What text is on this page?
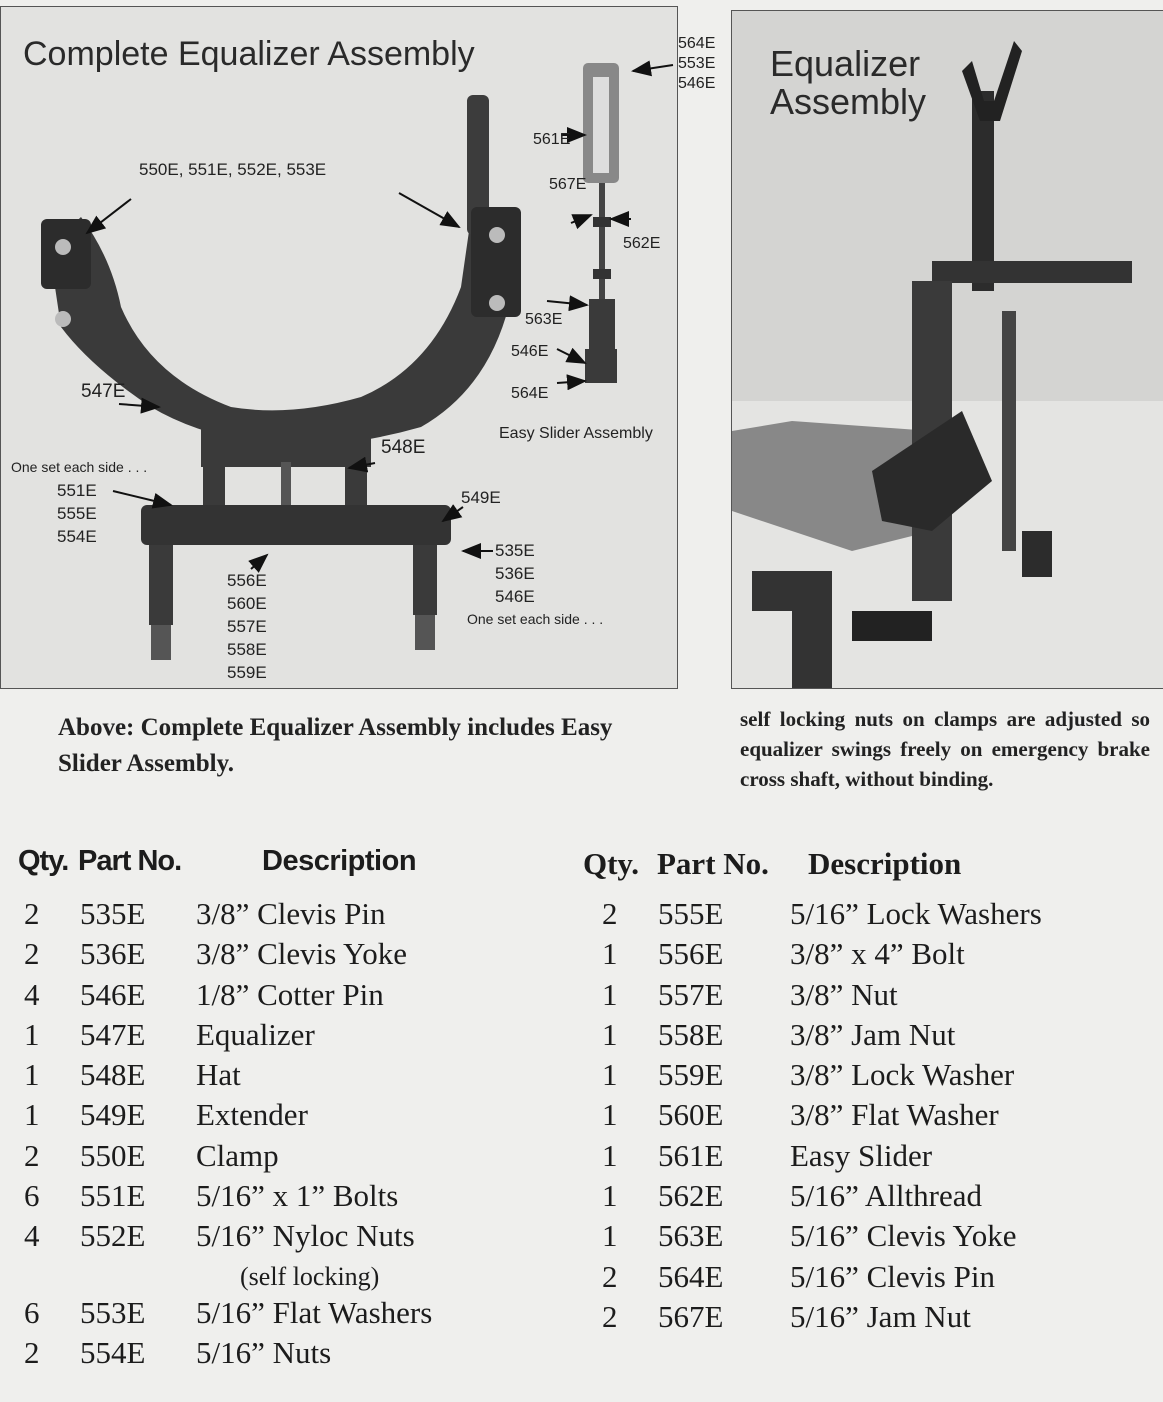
Complete Equalizer Assembly
550E, 551E, 552E, 553E
547E
548E
549E
One set each side . . .
551E
555E
554E
556E
560E
557E
558E
559E
535E
536E
546E
One set each side . . .
567E
561E
562E
563E
546E
564E
Easy Slider Assembly
564E
553E
546E Equalizer
Assembly
Above: Complete Equalizer Assembly includes Easy Slider Assembly.
self locking nuts on clamps are adjusted so equalizer swings freely on emergency brake cross shaft, without binding.
Qty. Part No.	Description	Qty. Part No. Description
2 535E 3/8” Clevis Pin
2 536E 3/8” Clevis Yoke
4 546E 1/8” Cotter Pin
1 547E Equalizer
1 548E Hat
1 549E Extender
2 550E Clamp
6 551E 5/16” x 1” Bolts
4 552E 5/16” Nyloc Nuts
(self locking)
6 553E 5/16” Flat Washers
2 554E 5/16” Nuts
2 555E 5/16” Lock Washers
1 556E 3/8” x 4” Bolt
1 557E 3/8” Nut
1 558E 3/8” Jam Nut
1 559E 3/8” Lock Washer
1 560E 3/8” Flat Washer
1 561E Easy Slider
1 562E 5/16” Allthread
1 563E 5/16” Clevis Yoke
2 564E 5/16” Clevis Pin
2 567E 5/16” Jam Nut
